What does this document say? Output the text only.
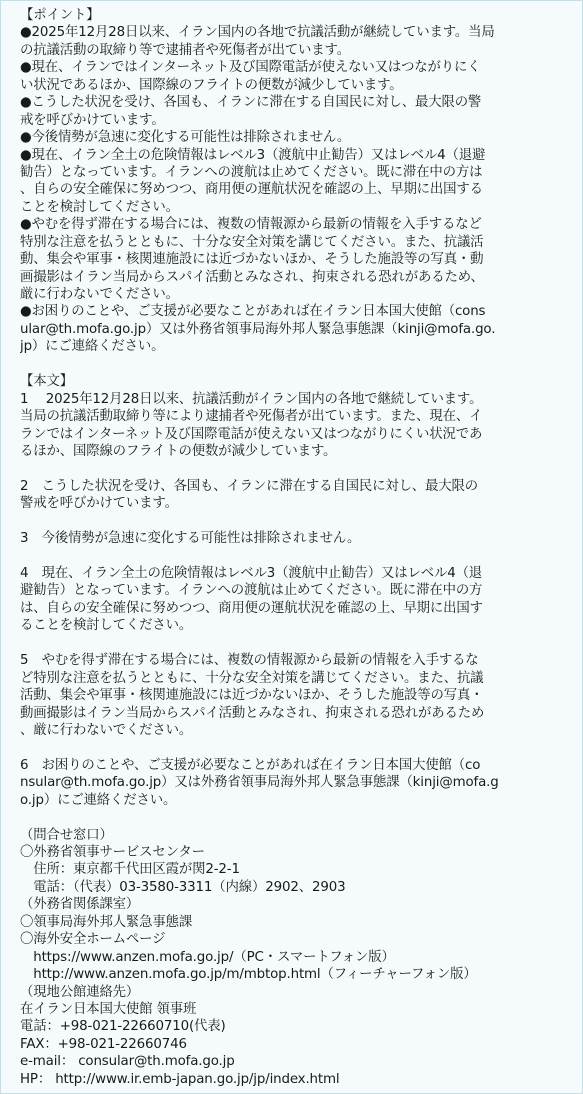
【ポイント】
●2025年12月28日以来、イラン国内の各地で抗議活動が継続しています。当局
の抗議活動の取締り等で逮捕者や死傷者が出ています。
●現在、イランではインターネット及び国際電話が使えない又はつながりにく
い状況であるほか、国際線のフライトの便数が減少しています。
●こうした状況を受け、各国も、イランに滞在する自国民に対し、最大限の警
戒を呼びかけています。
●今後情勢が急速に変化する可能性は排除されません。
●現在、イラン全土の危険情報はレベル3（渡航中止勧告）又はレベル4（退避
勧告）となっています。イランへの渡航は止めてください。既に滞在中の方は
、自らの安全確保に努めつつ、商用便の運航状況を確認の上、早期に出国する
ことを検討してください。
●やむを得ず滞在する場合には、複数の情報源から最新の情報を入手するなど
特別な注意を払うとともに、十分な安全対策を講じてください。また、抗議活
動、集会や軍事・核関連施設には近づかないほか、そうした施設等の写真・動
画撮影はイラン当局からスパイ活動とみなされ、拘束される恐れがあるため、
厳に行わないでください。
●お困りのことや、ご支援が必要なことがあれば在イラン日本国大使館（cons
ular@th.mofa.go.jp）又は外務省領事局海外邦人緊急事態課（kinji@mofa.go.
jp）にご連絡ください。
【本文】
1　 2025年12月28日以来、抗議活動がイラン国内の各地で継続しています。
当局の抗議活動取締り等により逮捕者や死傷者が出ています。また、現在、イ
ランではインターネット及び国際電話が使えない又はつながりにくい状況であ
るほか、国際線のフライトの便数が減少しています。
2　こうした状況を受け、各国も、イランに滞在する自国民に対し、最大限の
警戒を呼びかけています。
3　今後情勢が急速に変化する可能性は排除されません。
4　現在、イラン全土の危険情報はレベル3（渡航中止勧告）又はレベル4（退
避勧告）となっています。イランへの渡航は止めてください。既に滞在中の方
は、自らの安全確保に努めつつ、商用便の運航状況を確認の上、早期に出国す
ることを検討してください。
5　やむを得ず滞在する場合には、複数の情報源から最新の情報を入手するな
ど特別な注意を払うとともに、十分な安全対策を講じてください。また、抗議
活動、集会や軍事・核関連施設には近づかないほか、そうした施設等の写真・
動画撮影はイラン当局からスパイ活動とみなされ、拘束される恐れがあるため
、厳に行わないでください。
6　お困りのことや、ご支援が必要なことがあれば在イラン日本国大使館（co
nsular@th.mofa.go.jp）又は外務省領事局海外邦人緊急事態課（kinji@mofa.g
o.jp）にご連絡ください。
（問合せ窓口）
〇外務省領事サービスセンター
　住所：東京都千代田区霞が関2-2-1
　電話：（代表）03-3580-3311（内線）2902、2903
（外務省関係課室）
〇領事局海外邦人緊急事態課
〇海外安全ホームページ
　https://www.anzen.mofa.go.jp/（PC・スマートフォン版）
　http://www.anzen.mofa.go.jp/m/mbtop.html（フィーチャーフォン版）
（現地公館連絡先）
在イラン日本国大使館 領事班
電話：+98-021-22660710(代表)
FAX：+98-021-22660746
e-mail： consular@th.mofa.go.jp
HP： http://www.ir.emb-japan.go.jp/jp/index.html
